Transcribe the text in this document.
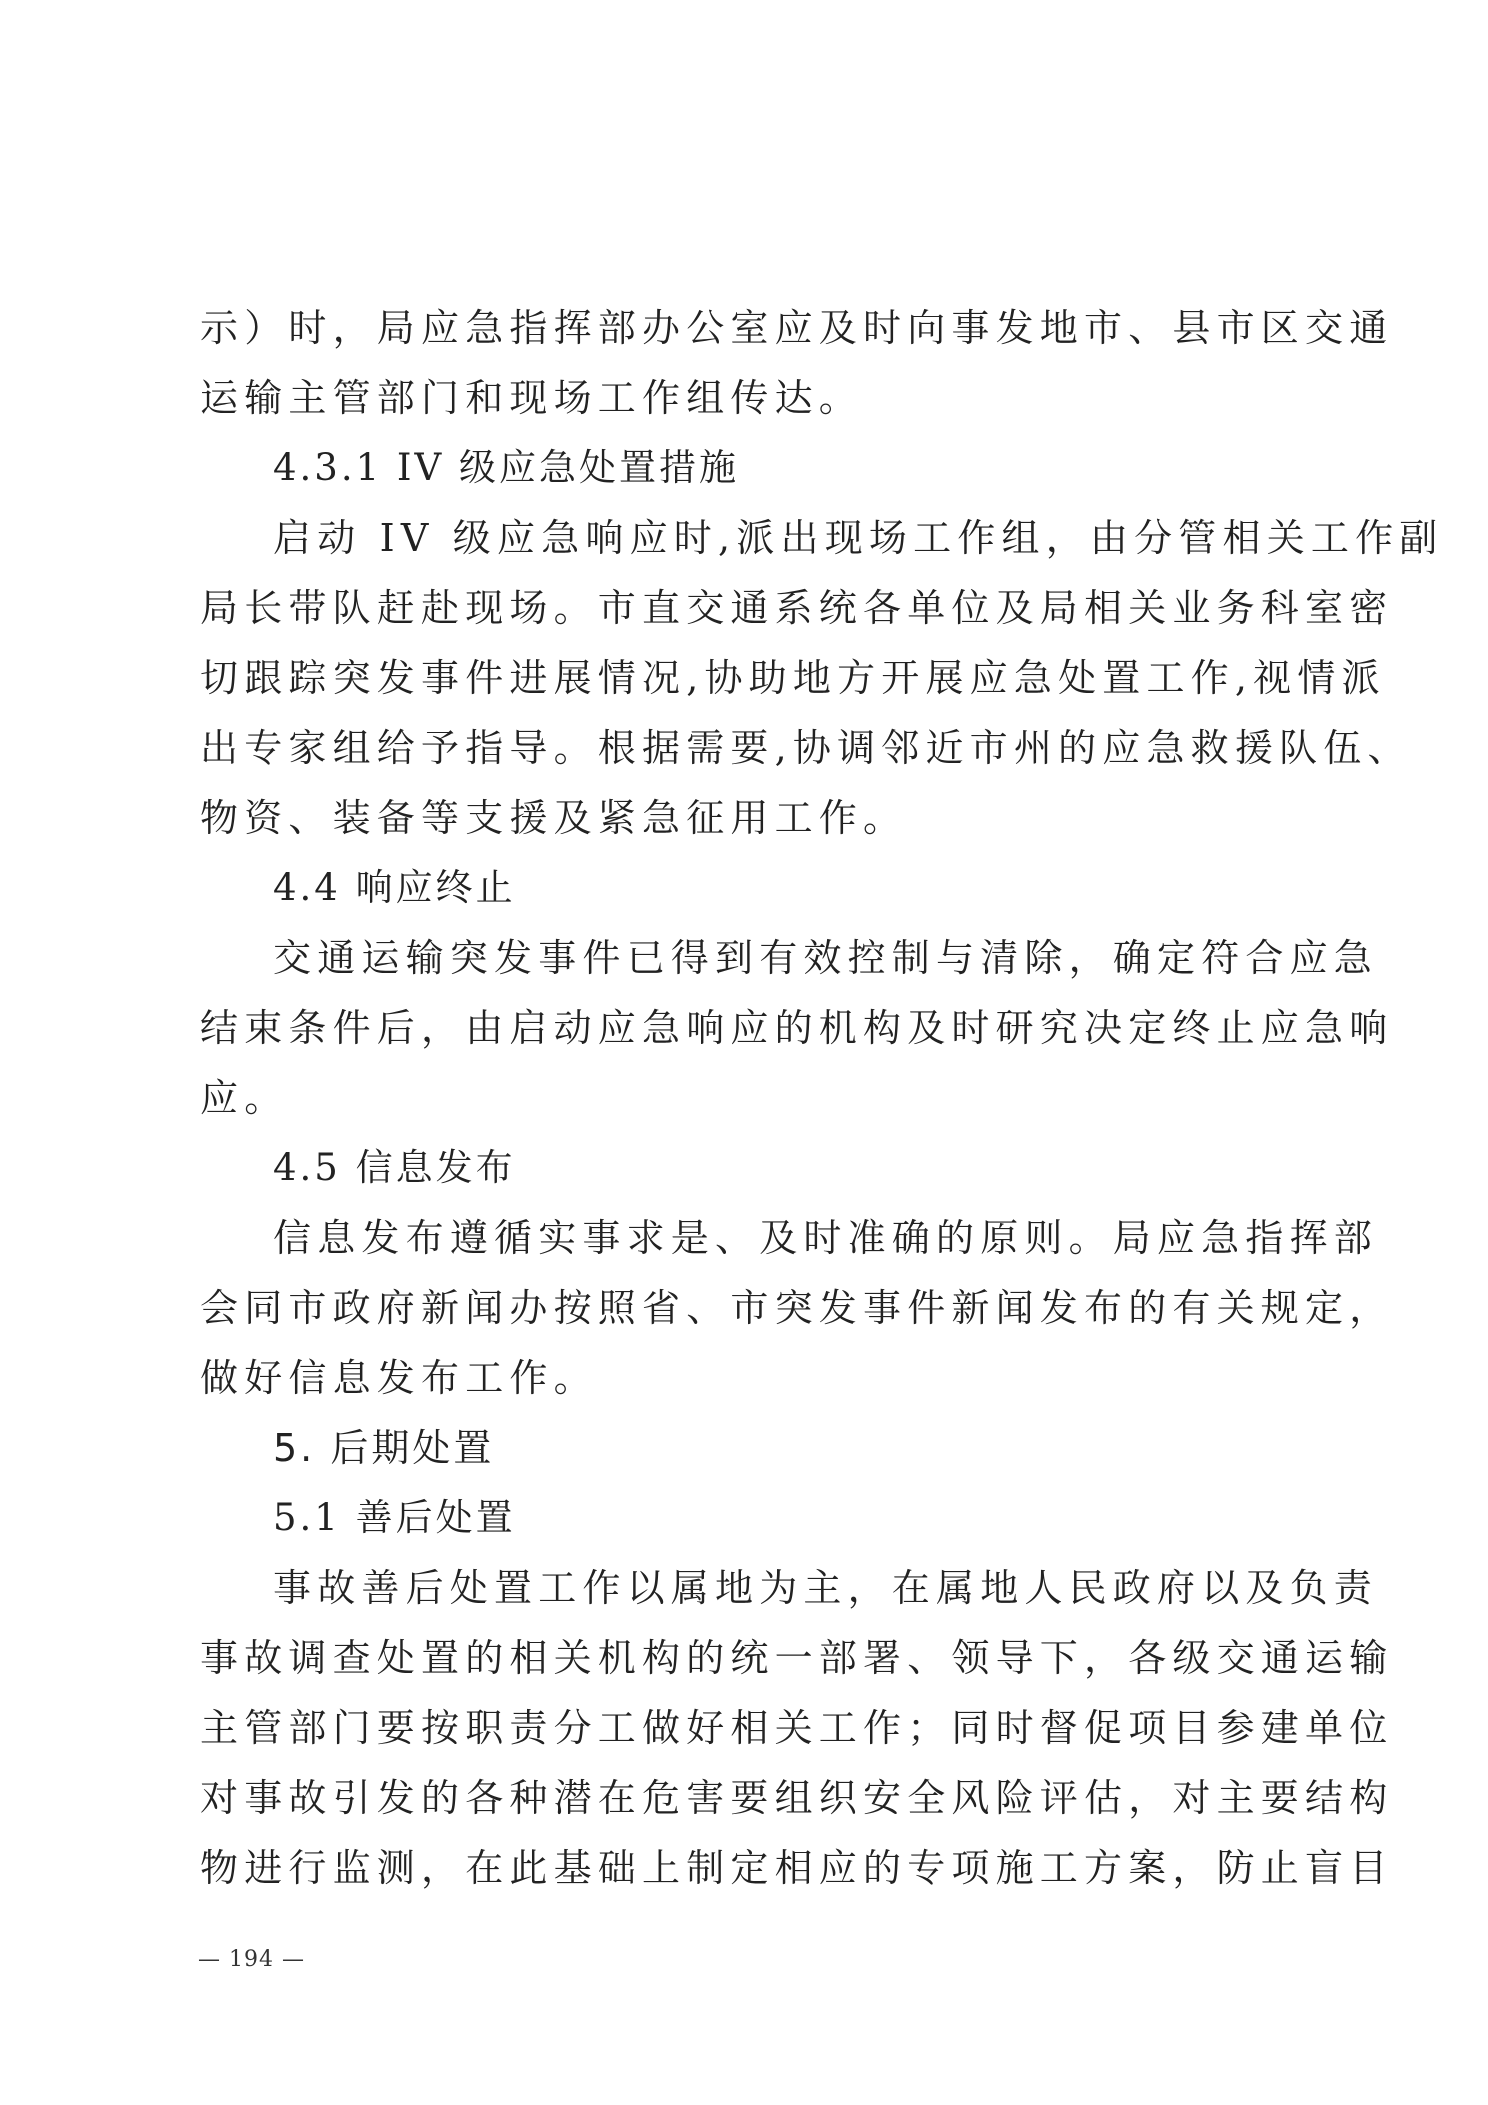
示）时，局应急指挥部办公室应及时向事发地市、县市区交通
运输主管部门和现场工作组传达。
4.3.1 IV 级应急处置措施
启动 IV 级应急响应时,派出现场工作组，由分管相关工作副
局长带队赶赴现场。市直交通系统各单位及局相关业务科室密
切跟踪突发事件进展情况,协助地方开展应急处置工作,视情派
出专家组给予指导。根据需要,协调邻近市州的应急救援队伍、
物资、装备等支援及紧急征用工作。
4.4 响应终止
交通运输突发事件已得到有效控制与清除，确定符合应急
结束条件后，由启动应急响应的机构及时研究决定终止应急响
应。
4.5 信息发布
信息发布遵循实事求是、及时准确的原则。局应急指挥部
会同市政府新闻办按照省、市突发事件新闻发布的有关规定，
做好信息发布工作。
5. 后期处置
5.1 善后处置
事故善后处置工作以属地为主，在属地人民政府以及负责
事故调查处置的相关机构的统一部署、领导下，各级交通运输
主管部门要按职责分工做好相关工作；同时督促项目参建单位
对事故引发的各种潜在危害要组织安全风险评估，对主要结构
物进行监测，在此基础上制定相应的专项施工方案，防止盲目
— 194 —
